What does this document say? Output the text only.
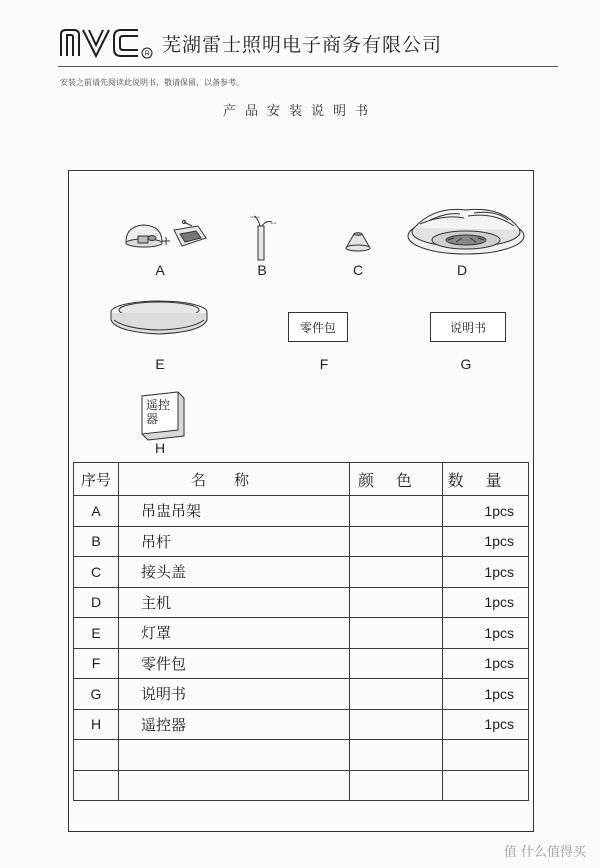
R 芜湖雷士照明电子商务有限公司
安装之前请先阅读此说明书，敬请保留，以备参考。
产品安装说明书
A
===
==
B	C	D
E
零件包
F
说明书
G
遥控
器
H
序号	名称	颜色	数量
A	吊盅吊架		1pcs
B	吊杆		1pcs
C	接头盖		1pcs
D	主机		1pcs
E	灯罩		1pcs
F	零件包		1pcs
G	说明书		1pcs
H	遥控器		1pcs

值 什么值得买
